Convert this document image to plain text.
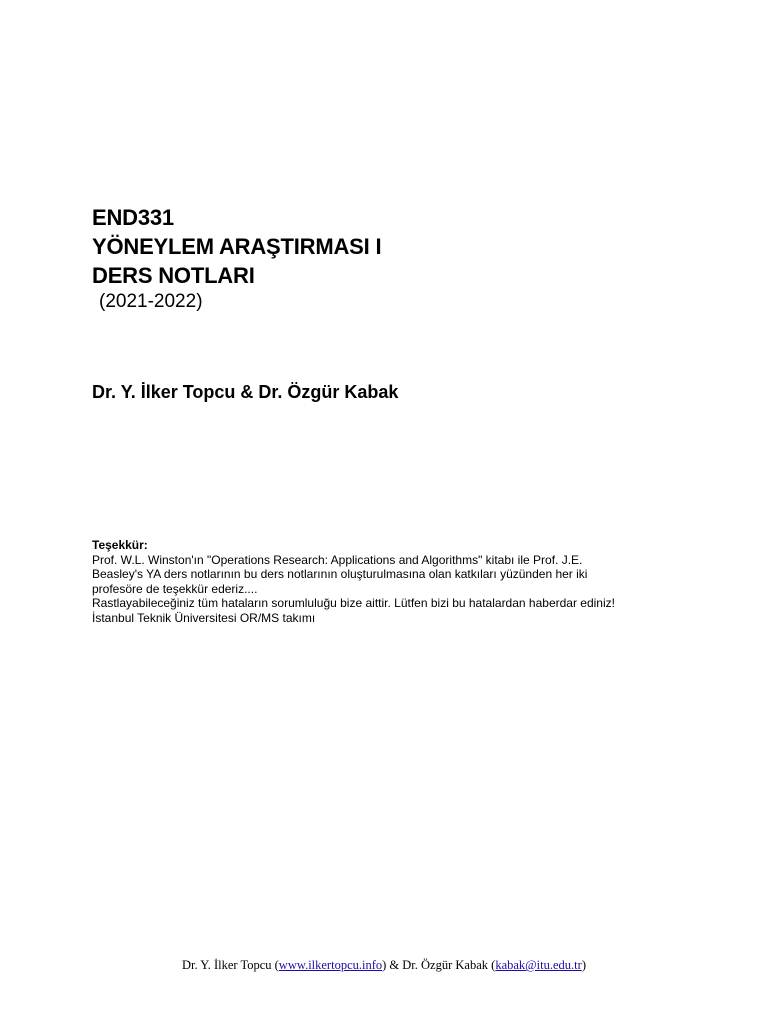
END331
YÖNEYLEM ARAŞTIRMASI I
DERS NOTLARI
(2021-2022)
Dr. Y. İlker Topcu & Dr. Özgür Kabak
Teşekkür:
Prof. W.L. Winston'ın "Operations Research: Applications and Algorithms" kitabı ile Prof. J.E.
Beasley's YA ders notlarının bu ders notlarının oluşturulmasına olan katkıları yüzünden her iki
profesöre de teşekkür ederiz....
Rastlayabileceğiniz tüm hataların sorumluluğu bize aittir. Lütfen bizi bu hatalardan haberdar ediniz!
İstanbul Teknik Üniversitesi OR/MS takımı
Dr. Y. İlker Topcu (www.ilkertopcu.info) & Dr. Özgür Kabak (kabak@itu.edu.tr)
